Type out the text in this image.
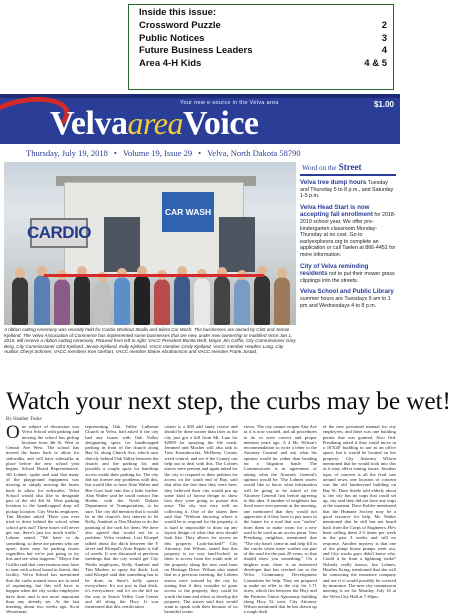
Inside this issue:
Crossword Puzzle	2
Public Notices	3
Future Business Leaders	4
Area 4-H Kids	4 & 5
Your new e-source in the Velva area	$1.00
VelvaareaVoice
Thursday, July 19, 2018 • Volume 19, Issue 29 • Velva, North Dakota 58790
CARDIO
CAR WASH
A ribbon cutting ceremony was recently held for Cardio Workout Studio and Silent Car Wash. The businesses are owned by Clint and Jennie Kjelland. The Velva Association of Commerce has implemented some businesses that are new, under new ownership or modified since Jan 1, 2015, will receive a ribbon cutting ceremony. Pictured from left to right: VACC President Bonita Wolf, Mayor Jim Griffin, City Commissioner Gary Berg, City Commissioner Clint Kjelland, Jennie Kjelland, Kelly Kjelland, VACC member Cindy Kjelland, VACC member Heather Long, City Auditor Cheryl Schnirer, VACC members Ken Gerhart, VACC member Elaine Abrahamson and VACC member Frank Jostad.
Word on the Street
Velva tree dump hours Tuesday and Thursday 5 to 8 p.m., and Saturday 1-5 p.m.
Velva Head Start is now accepting fall enrollment for 2018-2019 school year. We offer pre-kindergarten classroom Monday-Thursday at no cost. Go to earlyexplorers.org to complete an application or call Taelen at 866-4452 for more information.
City of Velva reminding residents not to put their mower grass clippings into the streets.
Velva School and Public Library summer hours are Tuesdays 9 am to 1 pm and Wednesdays 4 to 8 p.m.
Watch your next step, the curbs may be wet!
By Heather Teske
One subject of discussion was Velva School with parking and moving the school bus pickup location from 4th St. West to Central Ave West. The school has moved the buses back to allow for sidewalks, and will have sidewalks in place before the new school year begins. School Board Representative, Jill Lohner, spoke and said that many of the playground equipment was moving to simply moving the buses back to allow for sidewalks. Velva School would also like to designate part of the old 4th St. West parking location to the handicapped drop off pickup location. City Works employee, Tim Mosher asked "Have you ever tried to drive behind the school when school gets out? These buses will never get out; there's just too much traffic." Lohner stated, "We have to do something, so these are parents who are upset, there may be parking issues regardless but we're just going to try this and see what happens." Mayor Jim Griffin said that conversation may have to start with school board in Jarrett, this facility. Velva School has mentioned that the curbs around town are in need of repainting, but this will have to happen when the city works employees have time, and is not more important than any already set. At the last meeting, about two weeks ago, Scott Westerman,
representing Oak Valley Lutheran Church in Velva, had asked if the city had any issues with Oak Valley designating spots for handicapped parking in front of the church along Bay St. along Church Ave, which runs directly behind Oak Valley between the church and the parking lot, and possibly a couple spots for handicap access inside their parking lot. The city did not foresee any problems with this, but would like to have Alan Walter and Ben Gust look into this a little further. Alan Walter said he could contact Jim Hoehn, with the North Dakota Department of Transportation, to be sure. The city did mention that it would be in the church's best interest to let Kelly, Annbird or Tim Mosher to do the painting of the curb for them. We have also agreed that would not be a problem. Velva resident, Lori Kloepel talked about the ditch between the Y street and Kloepel's Auto Repair is full of weeds. It was discussed at previous meetings that the city would get City Works employees, Kelly Annbird and Tim Mosher, to spray the ditch. Lori said Kloepel said that something has to be done, as there's kelly sprays everywhere. It's not just in that ditch, it's everywhere, and it's on the hill on the way to Souris Valley Care Center and all along the Hwy. It was mentioned that this certification
cation is a $30 add study course and should be done sooner than later as the city just got a bill from Mr. Lutz for $2900 for spraying the file roads. Jemmed and Mosher will also talk to Tom Kaszubowski, McHenry County weed control, and see if the County can help out to deal with this. The Lohnes sisters were present and again asked for the city to respond to their petition for access on the south end of Bay, said that after the last time they were here, they believed their city would put up some kind of layout design to show how they were going to pursue this issue. The city was very well on collecting it. One of the sisters then said that "Without knowing where it would be to respond for the property, it is hard to impossible to draw up any layout design of what that area should look like. They allows for access on this property. Look-backed?" City Attorney, Jon Wilson, stated that this property is no way land-locked, as there is access from the south side of the property along the new road base on Heritage Drive. Wilson also stated that in a previous meeting, the Lohnes sisters were warned by the city by stating that if they consider to grant access to the property, they could be worth the time and effort to develop the property. The sisters said they would want to speak with their because of its beautiful scenic
views. The city cannot reopen Atta Ave as it is now vacated, and all procedures to do so were correct and proper mention years ago. A 4 Mr. Wilson's recommendation to write a letter to the Attorney General and ask what his opinion would be, rather than heading for a litigation battle. The Commissioner is in agreement of asking what the Attorney General's opinion would be. The Lohnes sisters would like to know what information will be going to be asked of the Attorney General first before agreeing to this idea. A number of neighbors has lived more ever-present at the meeting, one mentioned that they would not appreciate it if they have to pay taxes in the future for a road that was "stolen" from them to make room for a new road to be used as an access point. Tom Prestbaug, neighbor, mentioned that "The city hasn't come in and help fill in the cracks when water washes out part of the road for the past 20 years, so that should show you something." On a brighter note, there is an interested developer that has reached out to the Velva Community Development Committee for help. They are prepared to make an offer to the city for 1.71 acres, which lies between the Hwy and the Farmers Union Agronomy building along Hwy 52 west. City Attorney Wilson mentioned that he has drawn up a rough draft
of the new personnel manual for city employees, and there was one building permit that was granted. Also Ord. Prestbaug asked if they could move in a 16'X40' building to use as an office space, but it would be located on her property. City Attorney Wilson mentioned that he would look into this as it may affect zoning issues. Another topic of concern is all the feral cats around town, one location of concern was the old lumberyard building on Bay St. Dave Steele told elderly about it, the city has no traps that could set up, city said they did not have any traps at the moment. Dave Kohler mentioned that the Humane Society may be a good resource for help. Mr. Walter mentioned that he still has not heard back from the Corps of Engineers. He's been calling them 2-3 times per week in the past 3 weeks and still no response. Another mystery is that one of the pump house pumps went out, and City works guys didn't know why. Could it be from a lightning strike? Nobody really knows, but Lohnes, Heather Kring, mentioned that she will be contacting the insurance company and see if it would possibly be covered by insurance. The next city commission meeting is set for Monday, July 16 at the Velva City Hall at 7:30pm.
